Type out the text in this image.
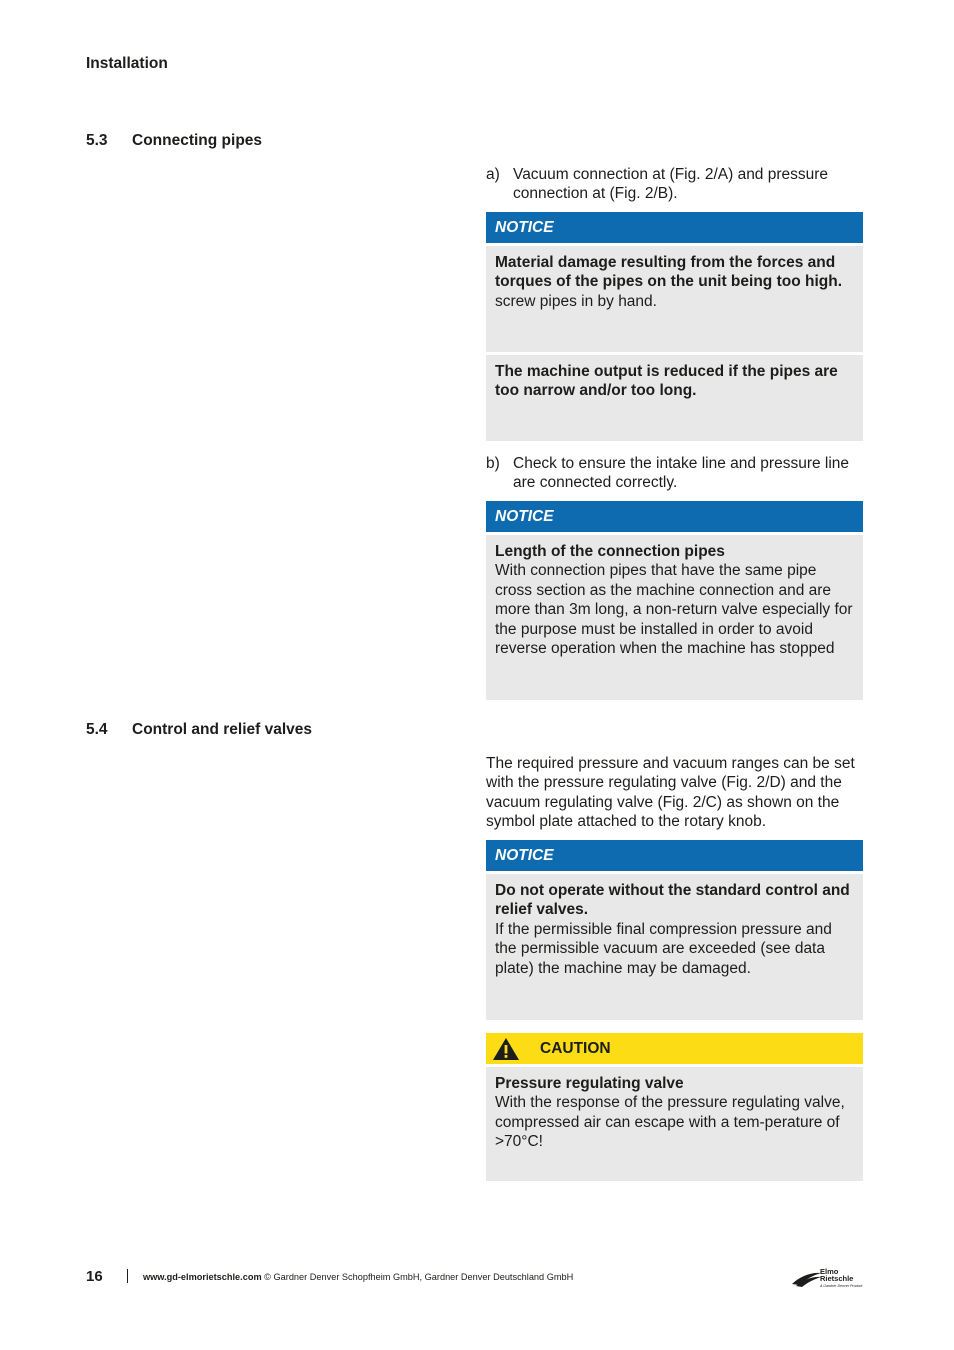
Installation
5.3 Connecting pipes
a) Vacuum connection at (Fig. 2/A) and pressure connection at (Fig. 2/B).
NOTICE
Material damage resulting from the forces and torques of the pipes on the unit being too high.
screw pipes in by hand.
The machine output is reduced if the pipes are too narrow and/or too long.
b) Check to ensure the intake line and pressure line are connected correctly.
NOTICE
Length of the connection pipes
With connection pipes that have the same pipe cross section as the machine connection and are more than 3m long, a non-return valve especially for the purpose must be installed in order to avoid reverse operation when the machine has stopped
5.4 Control and relief valves
The required pressure and vacuum ranges can be set with the pressure regulating valve (Fig. 2/D) and the vacuum regulating valve (Fig. 2/C) as shown on the symbol plate attached to the rotary knob.
NOTICE
Do not operate without the standard control and relief valves.
If the permissible final compression pressure and the permissible vacuum are exceeded (see data plate) the machine may be damaged.
CAUTION
Pressure regulating valve
With the response of the pressure regulating valve, compressed air can escape with a tem-perature of >70°C!
16	www.gd-elmorietschle.com © Gardner Denver Schopfheim GmbH, Gardner Denver Deutschland GmbH
Elmo
Rietschle
A Gardner Denver Product
